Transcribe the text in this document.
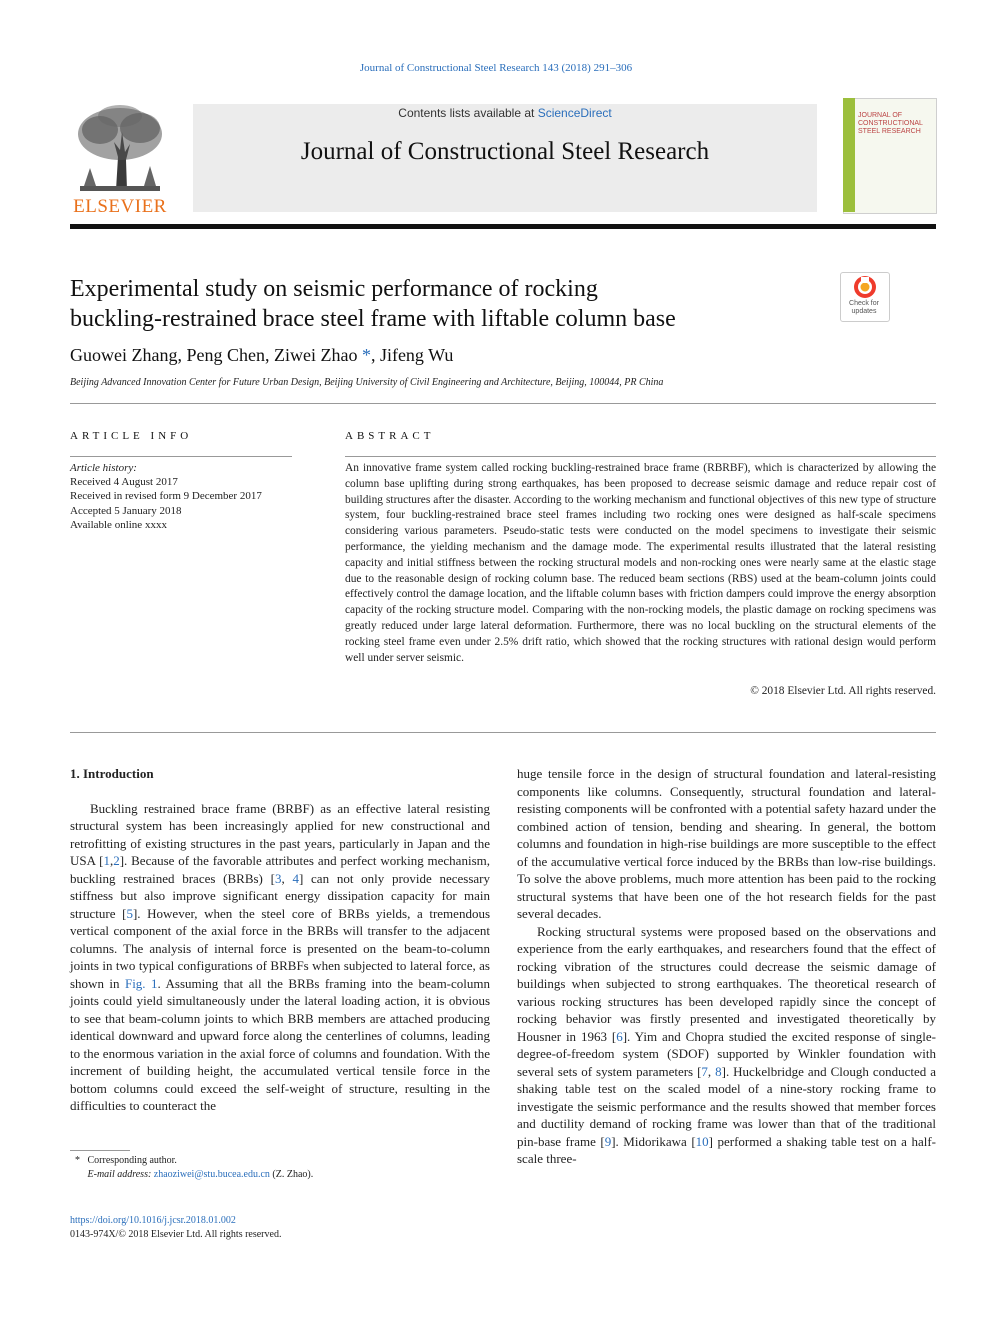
Journal of Constructional Steel Research 143 (2018) 291–306
ELSEVIER
Contents lists available at ScienceDirect
Journal of Constructional Steel Research
JOURNAL OF CONSTRUCTIONAL STEEL RESEARCH
Experimental study on seismic performance of rocking
buckling-restrained brace steel frame with liftable column base
Check for
updates
Guowei Zhang, Peng Chen, Ziwei Zhao *, Jifeng Wu
Beijing Advanced Innovation Center for Future Urban Design, Beijing University of Civil Engineering and Architecture, Beijing, 100044, PR China
ARTICLE INFO	ABSTRACT
Article history:
Received 4 August 2017
Received in revised form 9 December 2017
Accepted 5 January 2018
Available online xxxx
An innovative frame system called rocking buckling-restrained brace frame (RBRBF), which is characterized by allowing the column base uplifting during strong earthquakes, has been proposed to decrease seismic damage and reduce repair cost of building structures after the disaster. According to the working mechanism and functional objectives of this new type of structure system, four buckling-restrained brace steel frames including two rocking ones were designed as half-scale specimens considering various parameters. Pseudo-static tests were conducted on the model specimens to investigate their seismic performance, the yielding mechanism and the damage mode. The experimental results illustrated that the lateral resisting capacity and initial stiffness between the rocking structural models and non-rocking ones were nearly same at the elastic stage due to the reasonable design of rocking column base. The reduced beam sections (RBS) used at the beam-column joints could effectively control the damage location, and the liftable column bases with friction dampers could improve the energy absorption capacity of the rocking structure model. Comparing with the non-rocking models, the plastic damage on rocking specimens was greatly reduced under large lateral deformation. Furthermore, there was no local buckling on the structural elements of the rocking steel frame even under 2.5% drift ratio, which showed that the rocking structures with rational design would perform well under server seismic.
© 2018 Elsevier Ltd. All rights reserved.
1. Introduction

Buckling restrained brace frame (BRBF) as an effective lateral resisting structural system has been increasingly applied for new constructional and retrofitting of existing structures in the past years, particularly in Japan and the USA [1,2]. Because of the favorable attributes and perfect working mechanism, buckling restrained braces (BRBs) [3, 4] can not only provide necessary stiffness but also improve significant energy dissipation capacity for main structure [5]. However, when the steel core of BRBs yields, a tremendous vertical component of the axial force in the BRBs will transfer to the adjacent columns. The analysis of internal force is presented on the beam-to-column joints in two typical configurations of BRBFs when subjected to lateral force, as shown in Fig. 1. Assuming that all the BRBs framing into the beam-column joints could yield simultaneously under the lateral loading action, it is obvious to see that beam-column joints to which BRB members are attached producing identical downward and upward force along the centerlines of columns, leading to the enormous variation in the axial force of columns and foundation. With the increment of building height, the accumulated vertical tensile force in the bottom columns could exceed the self-weight of structure, resulting in the difficulties to counteract the

huge tensile force in the design of structural foundation and lateral-resisting components like columns. Consequently, structural foundation and lateral-resisting components will be confronted with a potential safety hazard under the combined action of tension, bending and shearing. In general, the bottom columns and foundation in high-rise buildings are more susceptible to the effect of the accumulative vertical force induced by the BRBs than low-rise buildings. To solve the above problems, much more attention has been paid to the rocking structural systems that have been one of the hot research fields for the past several decades.

Rocking structural systems were proposed based on the observations and experience from the early earthquakes, and researchers found that the effect of rocking vibration of the structures could decrease the seismic damage of buildings when subjected to strong earthquakes. The theoretical research of various rocking structures has been developed rapidly since the concept of rocking behavior was firstly presented and investigated theoretically by Housner in 1963 [6]. Yim and Chopra studied the excited response of single-degree-of-freedom system (SDOF) supported by Winkler foundation with several sets of system parameters [7, 8]. Huckelbridge and Clough conducted a shaking table test on the scaled model of a nine-story rocking frame to investigate the seismic performance and the results showed that member forces and ductility demand of rocking frame was lower than that of the traditional pin-base frame [9]. Midorikawa [10] performed a shaking table test on a half-scale three-

* Corresponding author.
E-mail address: zhaoziwei@stu.bucea.edu.cn (Z. Zhao).
https://doi.org/10.1016/j.jcsr.2018.01.002
0143-974X/© 2018 Elsevier Ltd. All rights reserved.
